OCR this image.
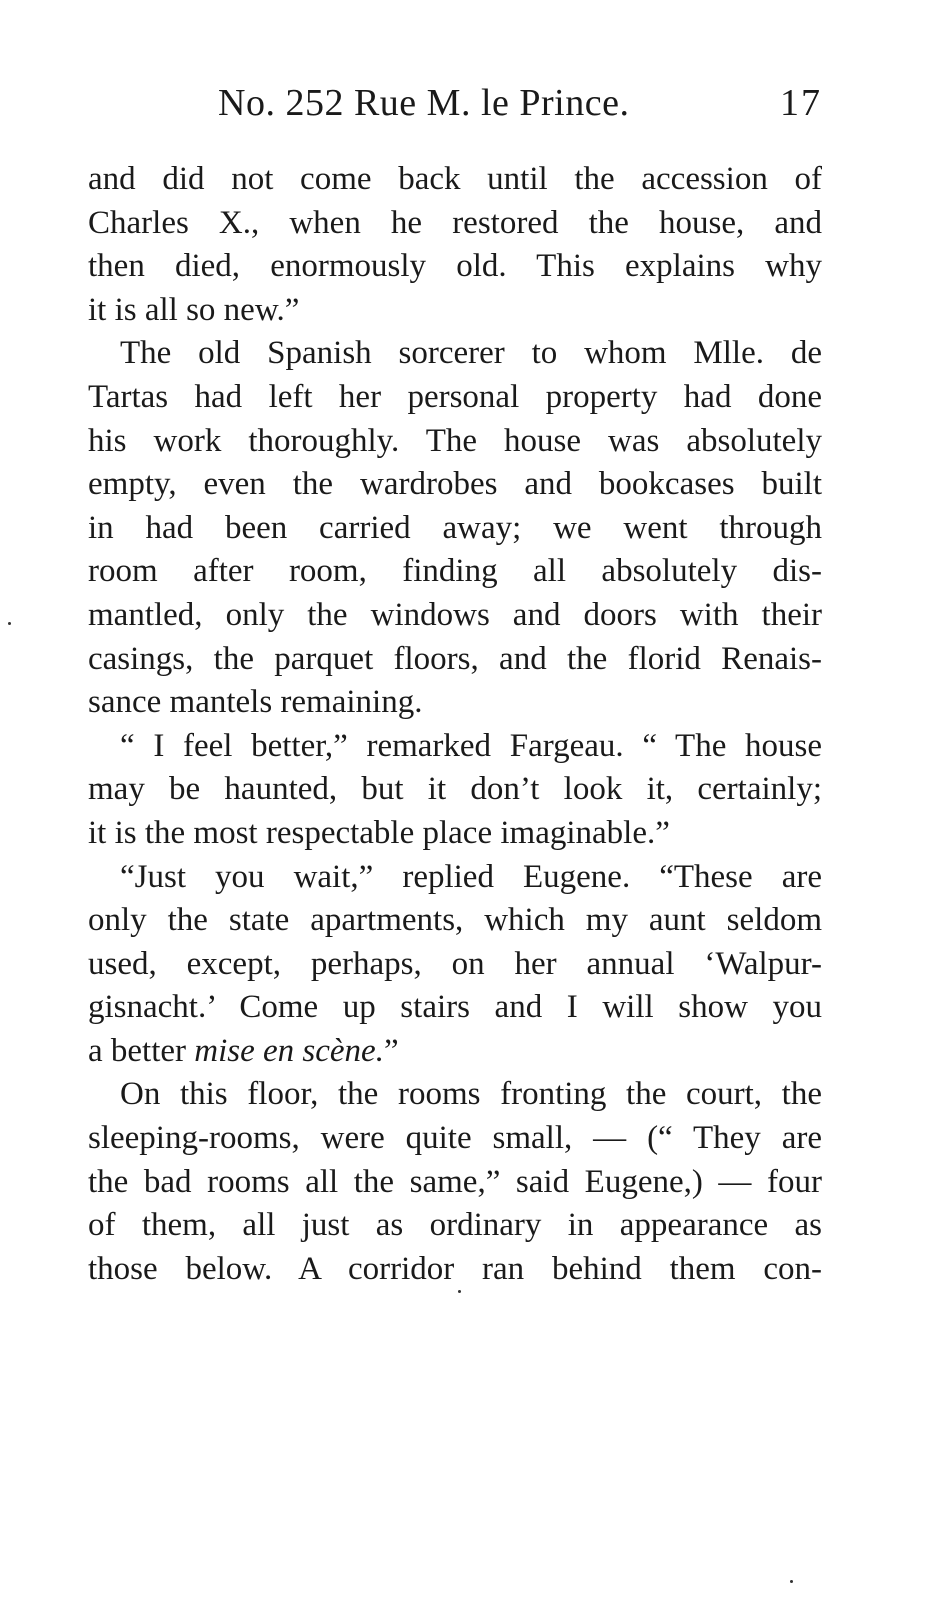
No. 252 Rue M. le Prince.	17
and did not come back until the accession of
Charles X., when he restored the house, and
then died, enormously old. This explains why
it is all so new.”
The old Spanish sorcerer to whom Mlle. de
Tartas had left her personal property had done
his work thoroughly. The house was absolutely
empty, even the wardrobes and bookcases built
in had been carried away; we went through
room after room, finding all absolutely dis-
mantled, only the windows and doors with their
casings, the parquet floors, and the florid Renais-
sance mantels remaining.
“ I feel better,” remarked Fargeau. “ The house
may be haunted, but it don’t look it, certainly;
it is the most respectable place imaginable.”
“Just you wait,” replied Eugene. “These are
only the state apartments, which my aunt seldom
used, except, perhaps, on her annual ‘Walpur-
gisnacht.’ Come up stairs and I will show you
a better mise en scène.”
On this floor, the rooms fronting the court, the
sleeping-rooms, were quite small, — (“ They are
the bad rooms all the same,” said Eugene,) — four
of them, all just as ordinary in appearance as
those below. A corridor ran behind them con-
